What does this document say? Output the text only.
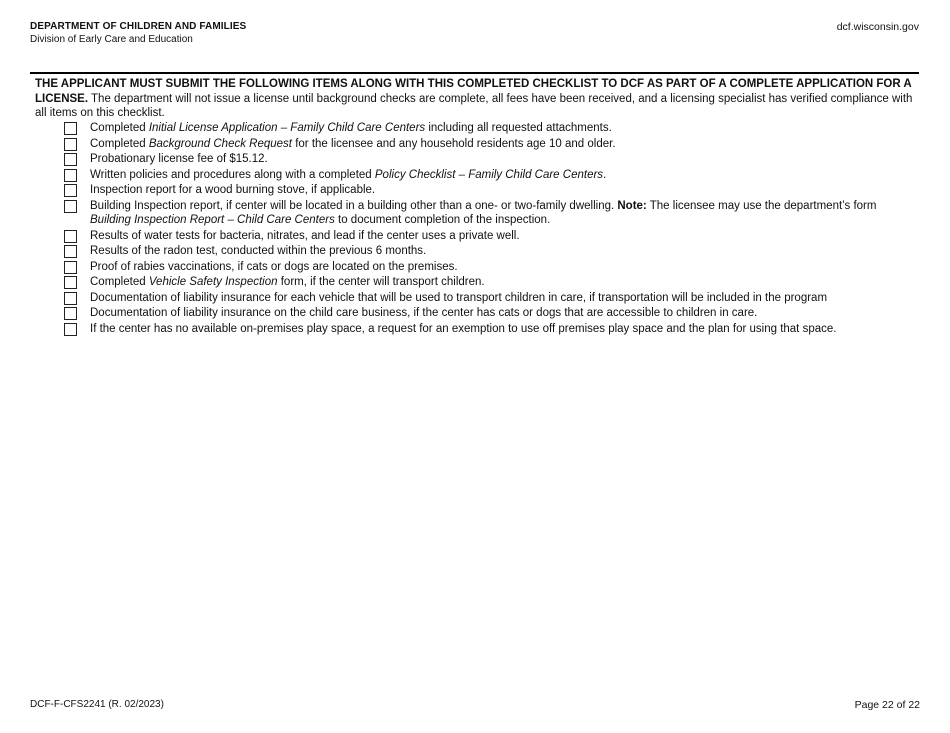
DEPARTMENT OF CHILDREN AND FAMILIES
Division of Early Care and Education
dcf.wisconsin.gov
THE APPLICANT MUST SUBMIT THE FOLLOWING ITEMS ALONG WITH THIS COMPLETED CHECKLIST TO DCF AS PART OF A COMPLETE APPLICATION FOR A LICENSE. The department will not issue a license until background checks are complete, all fees have been received, and a licensing specialist has verified compliance with all items on this checklist.
Completed Initial License Application – Family Child Care Centers including all requested attachments.
Completed Background Check Request for the licensee and any household residents age 10 and older.
Probationary license fee of $15.12.
Written policies and procedures along with a completed Policy Checklist – Family Child Care Centers.
Inspection report for a wood burning stove, if applicable.
Building Inspection report, if center will be located in a building other than a one- or two-family dwelling. Note: The licensee may use the department’s form Building Inspection Report – Child Care Centers to document completion of the inspection.
Results of water tests for bacteria, nitrates, and lead if the center uses a private well.
Results of the radon test, conducted within the previous 6 months.
Proof of rabies vaccinations, if cats or dogs are located on the premises.
Completed Vehicle Safety Inspection form, if the center will transport children.
Documentation of liability insurance for each vehicle that will be used to transport children in care, if transportation will be included in the program
Documentation of liability insurance on the child care business, if the center has cats or dogs that are accessible to children in care.
If the center has no available on-premises play space, a request for an exemption to use off premises play space and the plan for using that space.
DCF-F-CFS2241 (R. 02/2023)	Page 22 of 22
